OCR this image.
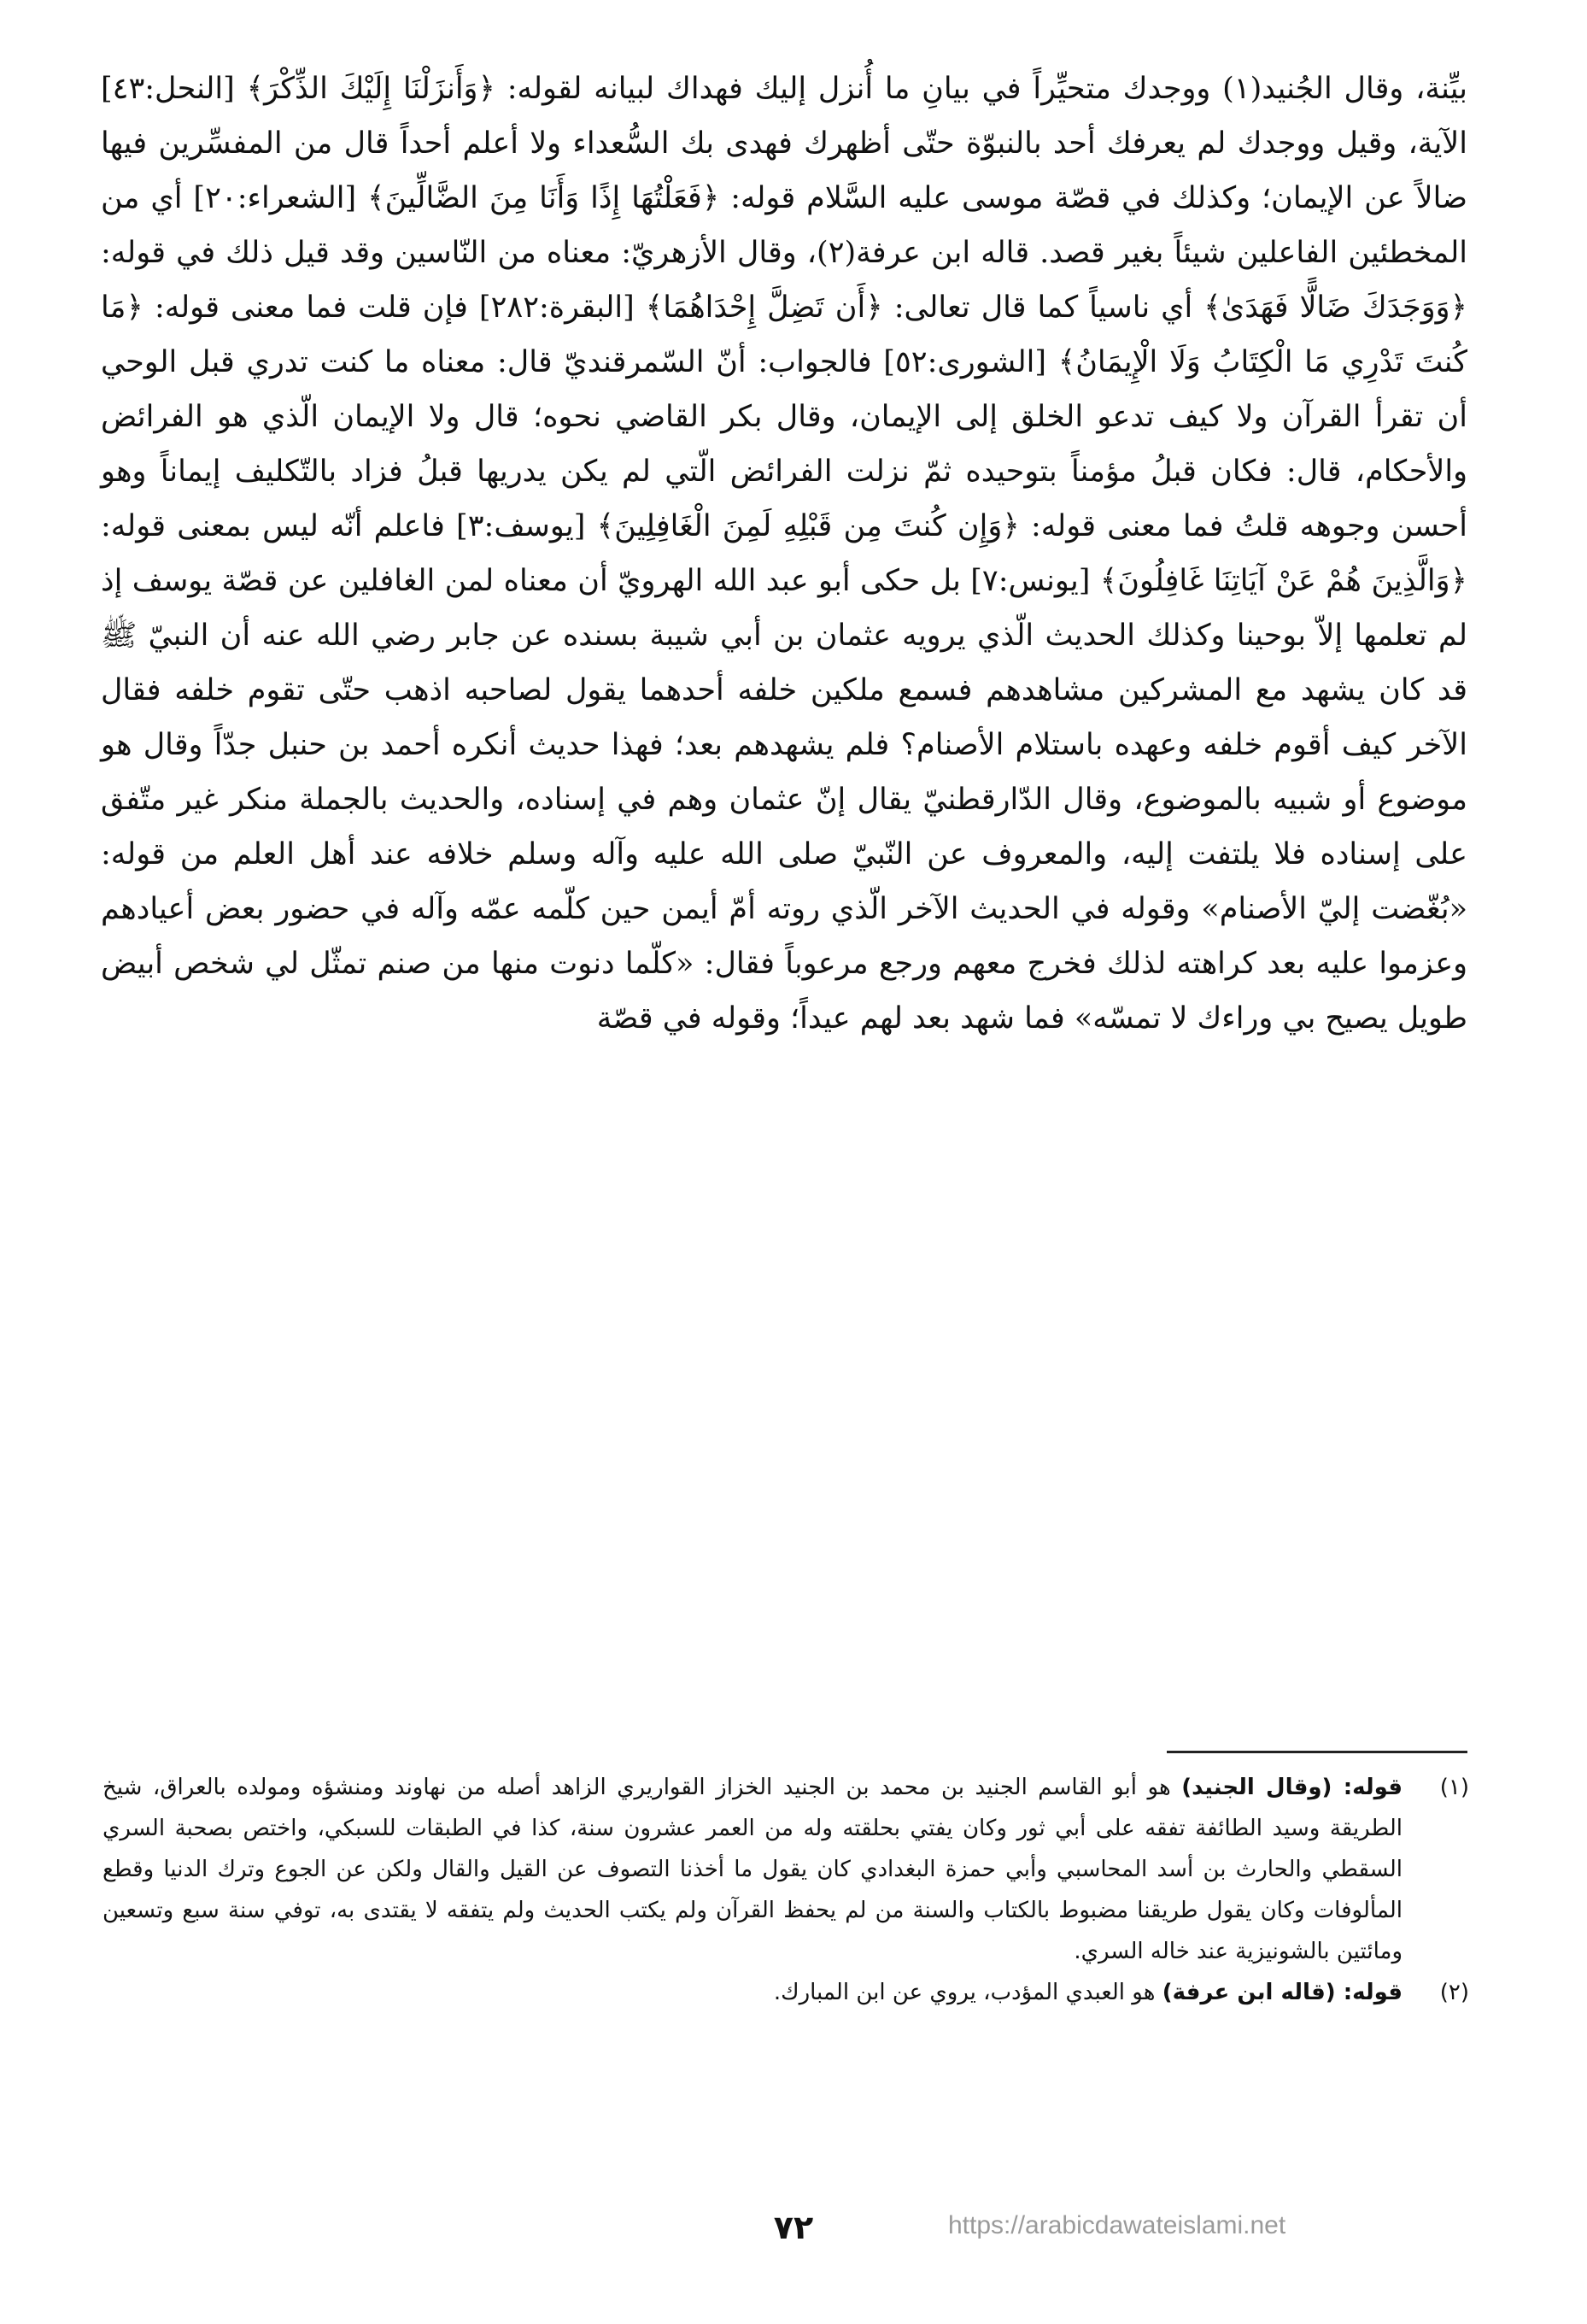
بيِّنة، وقال الجُنيد(١) ووجدك متحيِّراً في بيانِ ما أُنزل إليك فهداك لبيانه لقوله: ﴿وَأَنزَلْنَا إِلَيْكَ الذِّكْرَ﴾ [النحل:٤٣] الآية، وقيل ووجدك لم يعرفك أحد بالنبوّة حتّى أظهرك فهدى بك السُّعداء ولا أعلم أحداً قال من المفسِّرين فيها ضالاً عن الإيمان؛ وكذلك في قصّة موسى عليه السَّلام قوله: ﴿فَعَلْتُهَا إِذًا وَأَنَا مِنَ الضَّالِّينَ﴾ [الشعراء:٢٠] أي من المخطئين الفاعلين شيئاً بغير قصد. قاله ابن عرفة(٢)، وقال الأزهريّ: معناه من النّاسين وقد قيل ذلك في قوله: ﴿وَوَجَدَكَ ضَالًّا فَهَدَىٰ﴾ أي ناسياً كما قال تعالى: ﴿أَن تَضِلَّ إِحْدَاهُمَا﴾ [البقرة:٢٨٢] فإن قلت فما معنى قوله: ﴿مَا كُنتَ تَدْرِي مَا الْكِتَابُ وَلَا الْإِيمَانُ﴾ [الشورى:٥٢] فالجواب: أنّ السّمرقنديّ قال: معناه ما كنت تدري قبل الوحي أن تقرأ القرآن ولا كيف تدعو الخلق إلى الإيمان، وقال بكر القاضي نحوه؛ قال ولا الإيمان الّذي هو الفرائض والأحكام، قال: فكان قبلُ مؤمناً بتوحيده ثمّ نزلت الفرائض الّتي لم يكن يدريها قبلُ فزاد بالتّكليف إيماناً وهو أحسن وجوهه قلتُ فما معنى قوله: ﴿وَإِن كُنتَ مِن قَبْلِهِ لَمِنَ الْغَافِلِينَ﴾ [يوسف:٣] فاعلم أنّه ليس بمعنى قوله: ﴿وَالَّذِينَ هُمْ عَنْ آيَاتِنَا غَافِلُونَ﴾ [يونس:٧] بل حكى أبو عبد الله الهرويّ أن معناه لمن الغافلين عن قصّة يوسف إذ لم تعلمها إلاّ بوحينا وكذلك الحديث الّذي يرويه عثمان بن أبي شيبة بسنده عن جابر رضي الله عنه أن النبيّ ﷺ قد كان يشهد مع المشركين مشاهدهم فسمع ملكين خلفه أحدهما يقول لصاحبه اذهب حتّى تقوم خلفه فقال الآخر كيف أقوم خلفه وعهده باستلام الأصنام؟ فلم يشهدهم بعد؛ فهذا حديث أنكره أحمد بن حنبل جدّاً وقال هو موضوع أو شبيه بالموضوع، وقال الدّارقطنيّ يقال إنّ عثمان وهم في إسناده، والحديث بالجملة منكر غير متّفق على إسناده فلا يلتفت إليه، والمعروف عن النّبيّ صلى الله عليه وآله وسلم خلافه عند أهل العلم من قوله: «بُغّضت إليّ الأصنام» وقوله في الحديث الآخر الّذي روته أمّ أيمن حين كلّمه عمّه وآله في حضور بعض أعيادهم وعزموا عليه بعد كراهته لذلك فخرج معهم ورجع مرعوباً فقال: «كلّما دنوت منها من صنم تمثّل لي شخص أبيض طويل يصيح بي وراءك لا تمسّه» فما شهد بعد لهم عيداً؛ وقوله في قصّة

(١)
قوله: (وقال الجنيد) هو أبو القاسم الجنيد بن محمد بن الجنيد الخزاز القواريري الزاهد أصله من نهاوند ومنشؤه ومولده بالعراق، شيخ الطريقة وسيد الطائفة تفقه على أبي ثور وكان يفتي بحلقته وله من العمر عشرون سنة، كذا في الطبقات للسبكي، واختص بصحبة السري السقطي والحارث بن أسد المحاسبي وأبي حمزة البغدادي كان يقول ما أخذنا التصوف عن القيل والقال ولكن عن الجوع وترك الدنيا وقطع المألوفات وكان يقول طريقنا مضبوط بالكتاب والسنة من لم يحفظ القرآن ولم يكتب الحديث ولم يتفقه لا يقتدى به، توفي سنة سبع وتسعين ومائتين بالشونيزية عند خاله السري.
(٢)
قوله: (قاله ابن عرفة) هو العبدي المؤدب، يروي عن ابن المبارك.
٧٢	https://arabicdawateislami.net
